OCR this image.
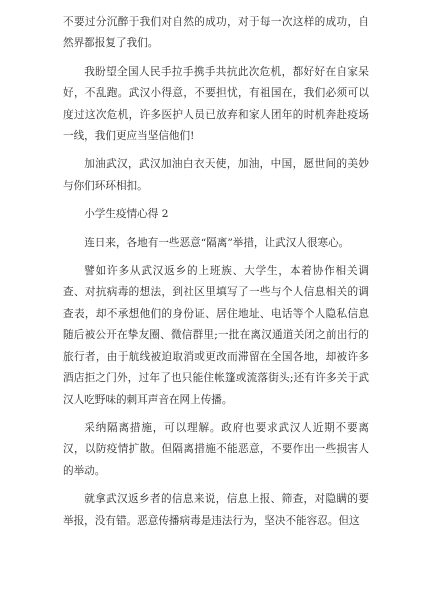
不要过分沉醉于我们对自然的成功，对于每一次这样的成功，自然界都报复了我们。

我盼望全国人民手拉手携手共抗此次危机，都好好在自家呆好，不乱跑。武汉小得意，不要担忧，有祖国在，我们必须可以度过这次危机，许多医护人员已放弃和家人团年的时机奔赴疫场一线，我们更应当坚信他们!

加油武汉，武汉加油白衣天使，加油，中国，愿世间的美妙与你们环环相扣。

小学生疫情心得 2

连日来，各地有一些恶意“隔离”举措，让武汉人很寒心。

譬如许多从武汉返乡的上班族、大学生，本着协作相关调查、对抗病毒的想法，到社区里填写了一些与个人信息相关的调查表，却不承想他们的身份证、居住地址、电话等个人隐私信息随后被公开在挚友圈、微信群里;一批在离汉通道关闭之前出行的旅行者，由于航线被迫取消或更改而滞留在全国各地，却被许多酒店拒之门外，过年了也只能住帐篷或流落街头;还有许多关于武汉人吃野味的刺耳声音在网上传播。

采纳隔离措施，可以理解。政府也要求武汉人近期不要离汉，以防疫情扩散。但隔离措施不能恶意，不要作出一些损害人的举动。

就拿武汉返乡者的信息来说，信息上报、筛查，对隐瞒的要举报，没有错。恶意传播病毒是违法行为，坚决不能容忍。但这
